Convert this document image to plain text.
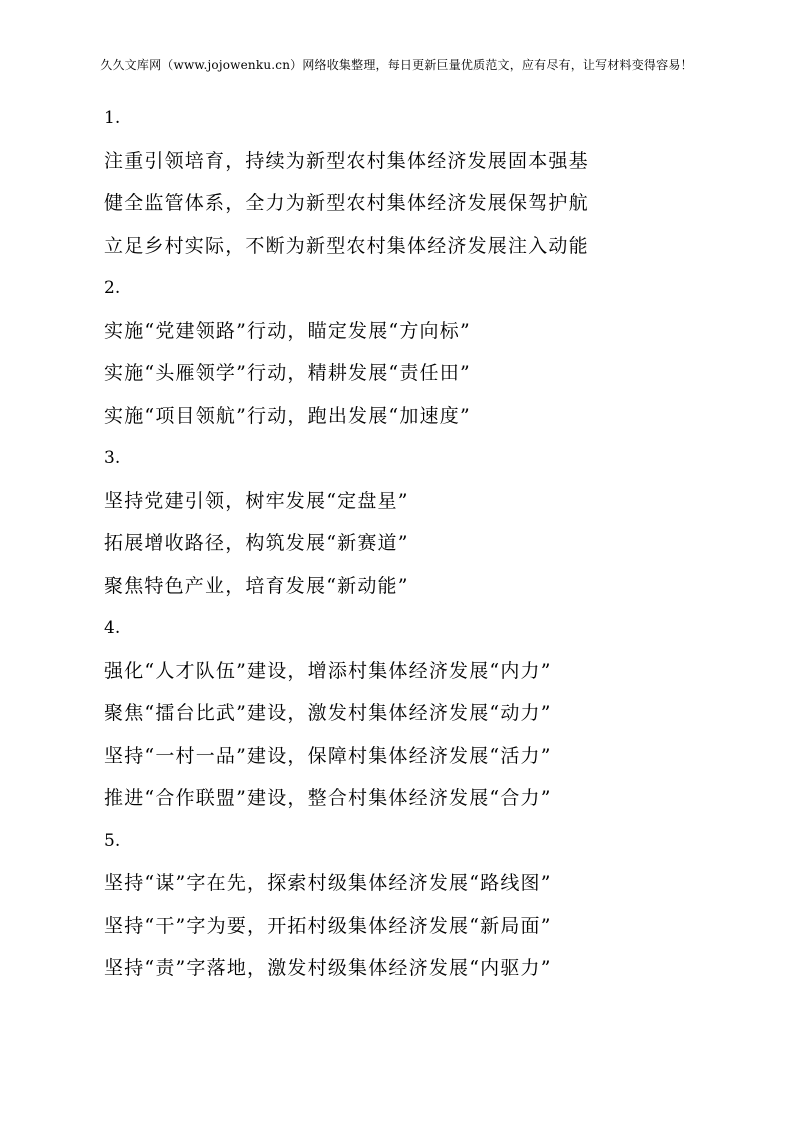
久久文库网（www.jojowenku.cn）网络收集整理，每日更新巨量优质范文，应有尽有，让写材料变得容易！
1.
注重引领培育，持续为新型农村集体经济发展固本强基
健全监管体系，全力为新型农村集体经济发展保驾护航
立足乡村实际，不断为新型农村集体经济发展注入动能
2.
实施“党建领路”行动，瞄定发展“方向标”
实施“头雁领学”行动，精耕发展“责任田”
实施“项目领航”行动，跑出发展“加速度”
3.
坚持党建引领，树牢发展“定盘星”
拓展增收路径，构筑发展“新赛道”
聚焦特色产业，培育发展“新动能”
4.
强化“人才队伍”建设，增添村集体经济发展“内力”
聚焦“擂台比武”建设，激发村集体经济发展“动力”
坚持“一村一品”建设，保障村集体经济发展“活力”
推进“合作联盟”建设，整合村集体经济发展“合力”
5.
坚持“谋”字在先，探索村级集体经济发展“路线图”
坚持“干”字为要，开拓村级集体经济发展“新局面”
坚持“责”字落地，激发村级集体经济发展“内驱力”
